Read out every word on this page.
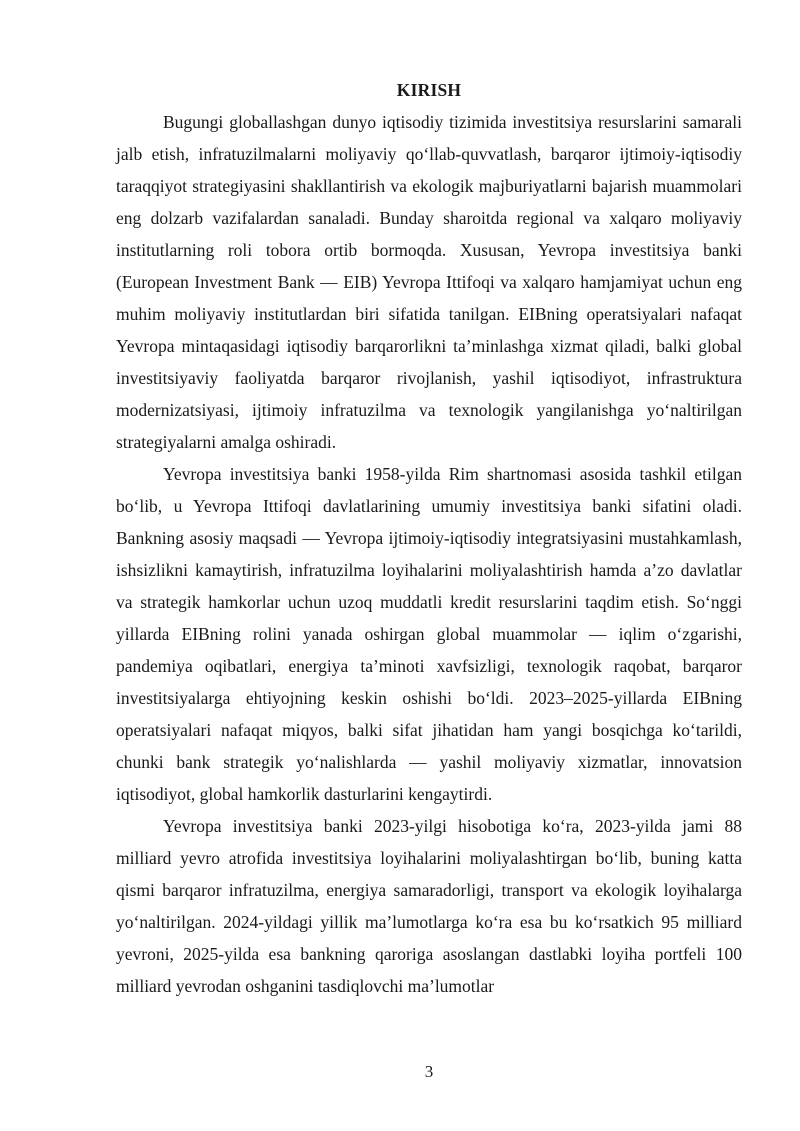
KIRISH

Bugungi globallashgan dunyo iqtisodiy tizimida investitsiya resurslarini samarali jalb etish, infratuzilmalarni moliyaviy qo‘llab-quvvatlash, barqaror ijtimoiy-iqtisodiy taraqqiyot strategiyasini shakllantirish va ekologik majburiyatlarni bajarish muammolari eng dolzarb vazifalardan sanaladi. Bunday sharoitda regional va xalqaro moliyaviy institutlarning roli tobora ortib bormoqda. Xususan, Yevropa investitsiya banki (European Investment Bank — EIB) Yevropa Ittifoqi va xalqaro hamjamiyat uchun eng muhim moliyaviy institutlardan biri sifatida tanilgan. EIBning operatsiyalari nafaqat Yevropa mintaqasidagi iqtisodiy barqarorlikni ta’minlashga xizmat qiladi, balki global investitsiyaviy faoliyatda barqaror rivojlanish, yashil iqtisodiyot, infrastruktura modernizatsiyasi, ijtimoiy infratuzilma va texnologik yangilanishga yo‘naltirilgan strategiyalarni amalga oshiradi.

Yevropa investitsiya banki 1958-yilda Rim shartnomasi asosida tashkil etilgan bo‘lib, u Yevropa Ittifoqi davlatlarining umumiy investitsiya banki sifatini oladi. Bankning asosiy maqsadi — Yevropa ijtimoiy-iqtisodiy integratsiyasini mustahkamlash, ishsizlikni kamaytirish, infratuzilma loyihalarini moliyalashtirish hamda a’zo davlatlar va strategik hamkorlar uchun uzoq muddatli kredit resurslarini taqdim etish. So‘nggi yillarda EIBning rolini yanada oshirgan global muammolar — iqlim o‘zgarishi, pandemiya oqibatlari, energiya ta’minoti xavfsizligi, texnologik raqobat, barqaror investitsiyalarga ehtiyojning keskin oshishi bo‘ldi. 2023–2025-yillarda EIBning operatsiyalari nafaqat miqyos, balki sifat jihatidan ham yangi bosqichga ko‘tarildi, chunki bank strategik yo‘nalishlarda — yashil moliyaviy xizmatlar, innovatsion iqtisodiyot, global hamkorlik dasturlarini kengaytirdi.

Yevropa investitsiya banki 2023-yilgi hisobotiga ko‘ra, 2023-yilda jami 88 milliard yevro atrofida investitsiya loyihalarini moliyalashtirgan bo‘lib, buning katta qismi barqaror infratuzilma, energiya samaradorligi, transport va ekologik loyihalarga yo‘naltirilgan. 2024-yildagi yillik ma’lumotlarga ko‘ra esa bu ko‘rsatkich 95 milliard yevroni, 2025-yilda esa bankning qaroriga asoslangan dastlabki loyiha portfeli 100 milliard yevrodan oshganini tasdiqlovchi ma’lumotlar

3
